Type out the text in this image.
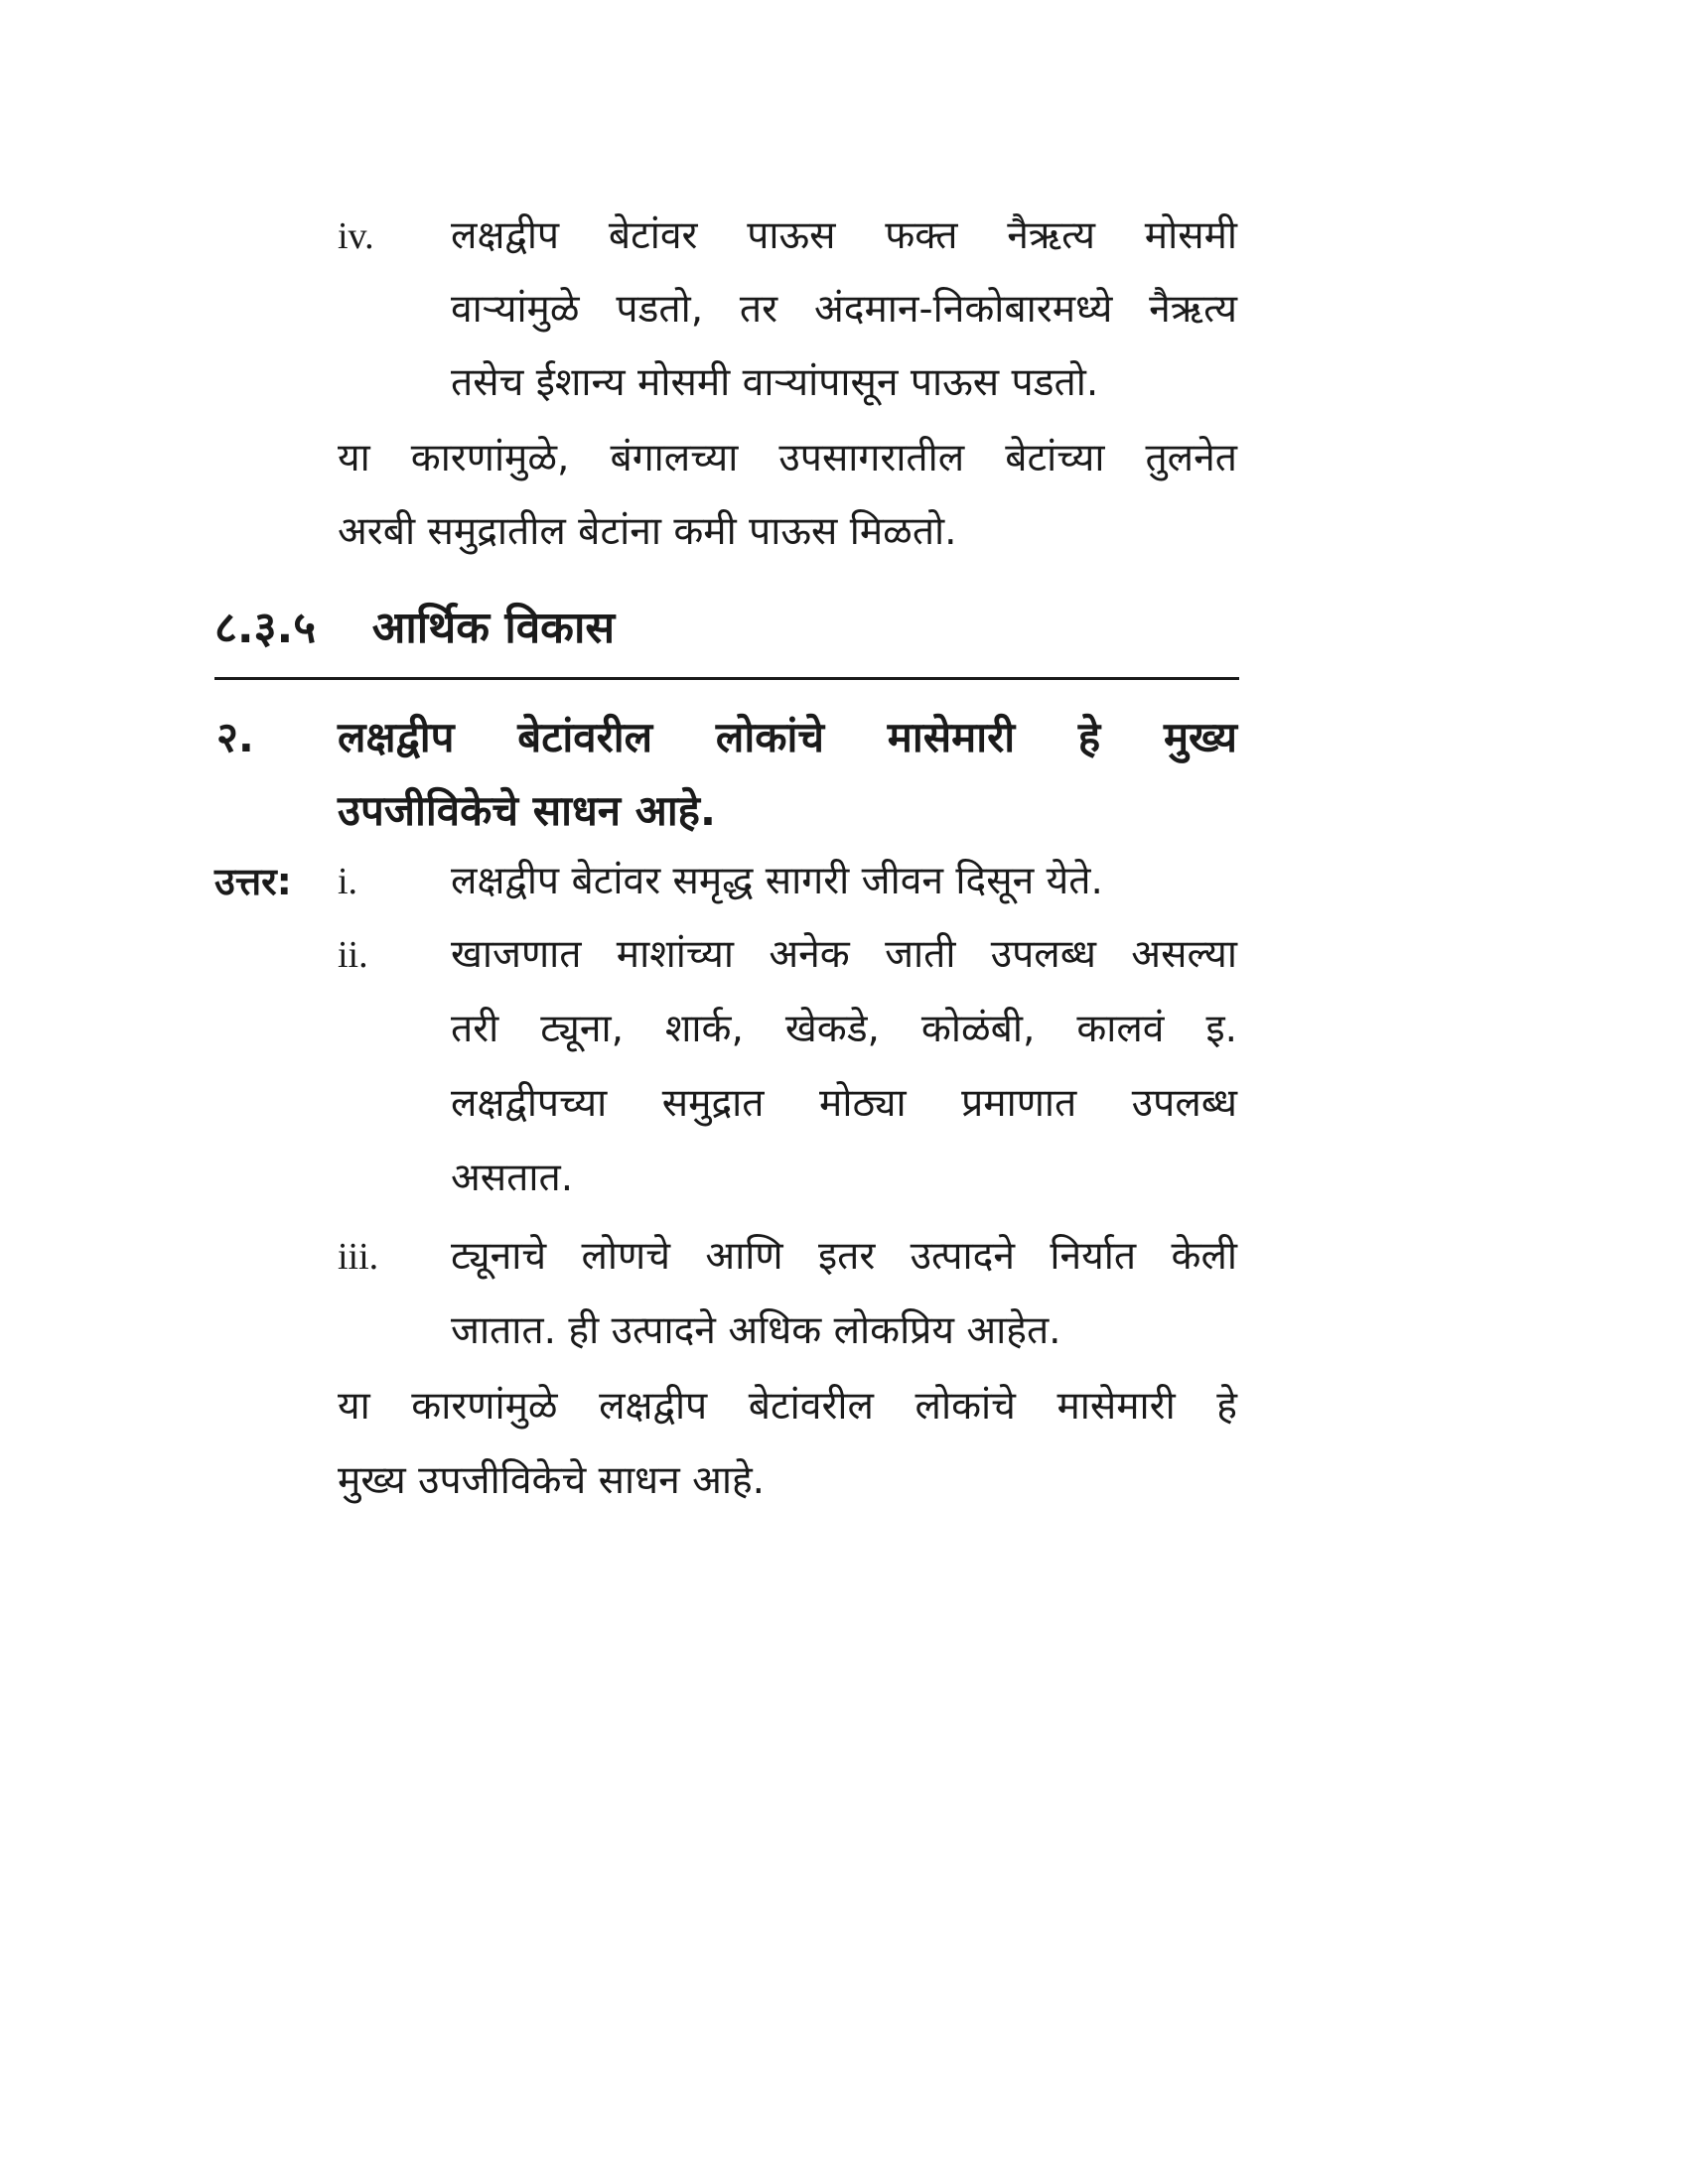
iv. लक्षद्वीप बेटांवर पाऊस फक्त नैऋत्य मोसमी
वाऱ्यांमुळे पडतो, तर अंदमान-निकोबारमध्ये नैऋत्य
तसेच ईशान्य मोसमी वाऱ्यांपासून पाऊस पडतो.
या कारणांमुळे, बंगालच्या उपसागरातील बेटांच्या तुलनेत
अरबी समुद्रातील बेटांना कमी पाऊस मिळतो.
८.३.५ आर्थिक विकास
२. लक्षद्वीप बेटांवरील लोकांचे मासेमारी हे मुख्य
उपजीविकेचे साधन आहे.
उत्तर: i. लक्षद्वीप बेटांवर समृद्ध सागरी जीवन दिसून येते.
ii. खाजणात माशांच्या अनेक जाती उपलब्ध असल्या
तरी ट्यूना, शार्क, खेकडे, कोळंबी, कालवं इ.
लक्षद्वीपच्या समुद्रात मोठ्या प्रमाणात उपलब्ध
असतात.
iii. ट्यूनाचे लोणचे आणि इतर उत्पादने निर्यात केली
जातात. ही उत्पादने अधिक लोकप्रिय आहेत.
या कारणांमुळे लक्षद्वीप बेटांवरील लोकांचे मासेमारी हे
मुख्य उपजीविकेचे साधन आहे.
